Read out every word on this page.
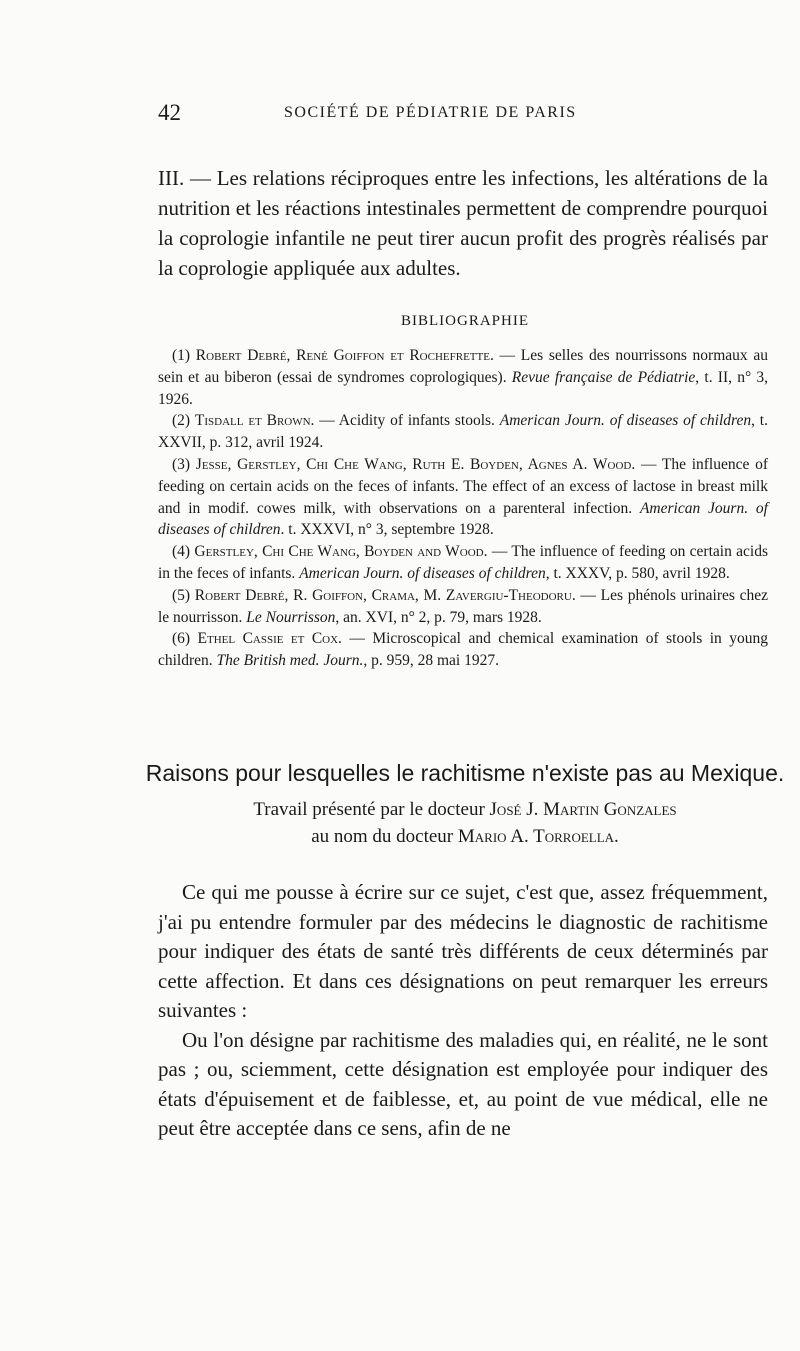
42	SOCIÉTÉ DE PÉDIATRIE DE PARIS

III. — Les relations réciproques entre les infections, les altérations de la nutrition et les réactions intestinales permettent de comprendre pourquoi la coprologie infantile ne peut tirer aucun profit des progrès réalisés par la coprologie appliquée aux adultes.

BIBLIOGRAPHIE

(1) Robert Debré, René Goiffon et Rochefrette. — Les selles des nourrissons normaux au sein et au biberon (essai de syndromes coprologiques). Revue française de Pédiatrie, t. II, n° 3, 1926.

(2) Tisdall et Brown. — Acidity of infants stools. American Journ. of diseases of children, t. XXVII, p. 312, avril 1924.

(3) Jesse, Gerstley, Chi Che Wang, Ruth E. Boyden, Agnes A. Wood. — The influence of feeding on certain acids on the feces of infants. The effect of an excess of lactose in breast milk and in modif. cowes milk, with observations on a parenteral infection. American Journ. of diseases of children. t. XXXVI, n° 3, septembre 1928.

(4) Gerstley, Chi Che Wang, Boyden and Wood. — The influence of feeding on certain acids in the feces of infants. American Journ. of diseases of children, t. XXXV, p. 580, avril 1928.

(5) Robert Debré, R. Goiffon, Crama, M. Zavergiu-Theodoru. — Les phénols urinaires chez le nourrisson. Le Nourrisson, an. XVI, n° 2, p. 79, mars 1928.

(6) Ethel Cassie et Cox. — Microscopical and chemical examination of stools in young children. The British med. Journ., p. 959, 28 mai 1927.

Raisons pour lesquelles le rachitisme n'existe pas au Mexique.
Travail présenté par le docteur José J. Martin Gonzales
au nom du docteur Mario A. Torroella.

Ce qui me pousse à écrire sur ce sujet, c'est que, assez fréquemment, j'ai pu entendre formuler par des médecins le diagnostic de rachitisme pour indiquer des états de santé très différents de ceux déterminés par cette affection. Et dans ces désignations on peut remarquer les erreurs suivantes :

Ou l'on désigne par rachitisme des maladies qui, en réalité, ne le sont pas ; ou, sciemment, cette désignation est employée pour indiquer des états d'épuisement et de faiblesse, et, au point de vue médical, elle ne peut être acceptée dans ce sens, afin de ne
